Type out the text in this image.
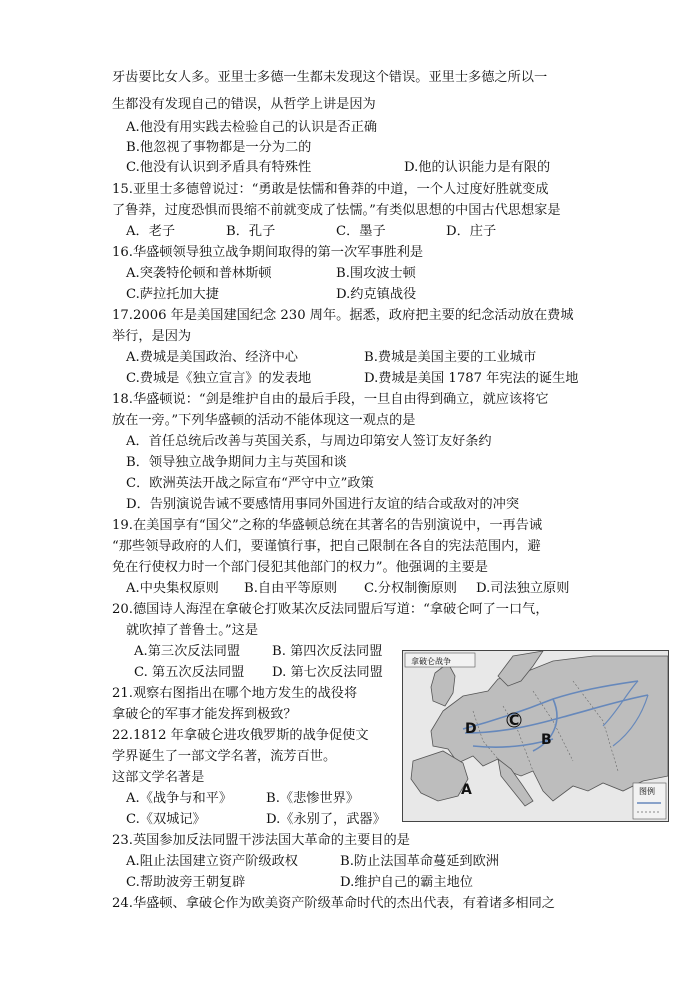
牙齿要比女人多。亚里士多德一生都未发现这个错误。亚里士多德之所以一
生都没有发现自己的错误，从哲学上讲是因为
A.他没有用实践去检验自己的认识是否正确
B.他忽视了事物都是一分为二的
C.他没有认识到矛盾具有特殊性	D.他的认识能力是有限的
15.亚里士多德曾说过：“勇敢是怯懦和鲁莽的中道，一个人过度好胜就变成
了鲁莽，过度恐惧而畏缩不前就变成了怯懦。”有类似思想的中国古代思想家是
A．老子	B．孔子	C．墨子	D．庄子
16.华盛顿领导独立战争期间取得的第一次军事胜利是
A.突袭特伦顿和普林斯顿	B.围攻波士顿
C.萨拉托加大捷	D.约克镇战役
17.2006 年是美国建国纪念 230 周年。据悉，政府把主要的纪念活动放在费城
举行，是因为
A.费城是美国政治、经济中心	B.费城是美国主要的工业城市
C.费城是《独立宣言》的发表地	D.费城是美国 1787 年宪法的诞生地
18.华盛顿说：“剑是维护自由的最后手段，一旦自由得到确立，就应该将它
放在一旁。”下列华盛顿的活动不能体现这一观点的是
A．首任总统后改善与英国关系，与周边印第安人签订友好条约
B．领导独立战争期间力主与英国和谈
C．欧洲英法开战之际宣布“严守中立”政策
D．告别演说告诫不要感情用事同外国进行友谊的结合或敌对的冲突
19.在美国享有“国父”之称的华盛顿总统在其著名的告别演说中，一再告诫
“那些领导政府的人们，要谨慎行事，把自己限制在各自的宪法范围内，避
免在行使权力时一个部门侵犯其他部门的权力”。他强调的主要是
A.中央集权原则 B.自由平等原则 C.分权制衡原则 D.司法独立原则
20.德国诗人海涅在拿破仑打败某次反法同盟后写道：“拿破仑呵了一口气，
就吹掉了普鲁士。”这是
A.第三次反法同盟 B. 第四次反法同盟
C. 第五次反法同盟 D. 第七次反法同盟
21.观察右图指出在哪个地方发生的战役将
拿破仑的军事才能发挥到极致？
22.1812 年拿破仑进攻俄罗斯的战争促使文
学界诞生了一部文学名著，流芳百世。
这部文学名著是
A.《战争与和平》	B.《悲惨世界》
C.《双城记》	D.《永别了，武器》
23.英国参加反法同盟干涉法国大革命的主要目的是
A.阻止法国建立资产阶级政权	B.防止法国革命蔓延到欧洲
C.帮助波旁王朝复辟	D.维护自己的霸主地位
24.华盛顿、拿破仑作为欧美资产阶级革命时代的杰出代表，有着诸多相同之
图例
拿破仑战争
A
B
C
D
